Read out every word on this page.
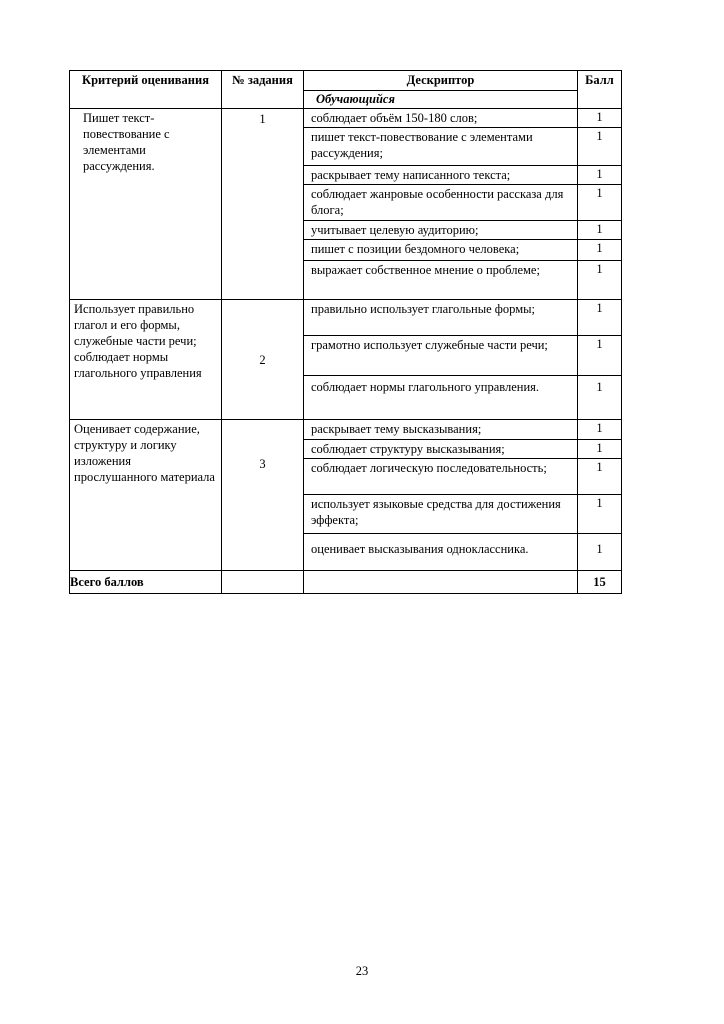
Критерий оценивания	№ задания	Дескриптор	Балл
		Обучающийся	
Пишет текст-повествование с элементами рассуждения.	1	соблюдает объём 150-180 слов;	1
		пишет текст-повествование с элементами рассуждения;	1
		раскрывает тему написанного текста;	1
		соблюдает жанровые особенности рассказа для блога;	1
		учитывает целевую аудиторию;	1
		пишет с позиции бездомного человека;	1
		выражает собственное мнение о проблеме;	1
Использует правильно глагол и его формы, служебные части речи; соблюдает нормы глагольного управления	2	правильно использует глагольные формы;	1
		грамотно использует служебные части речи;	1
		соблюдает нормы глагольного управления.	1
Оценивает содержание, структуру и логику изложения прослушанного материала	3	раскрывает тему высказывания;	1
		соблюдает структуру высказывания;	1
		соблюдает логическую последовательность;	1
		использует языковые средства для достижения эффекта;	1
		оценивает высказывания одноклассника.	1
Всего баллов			15
23
